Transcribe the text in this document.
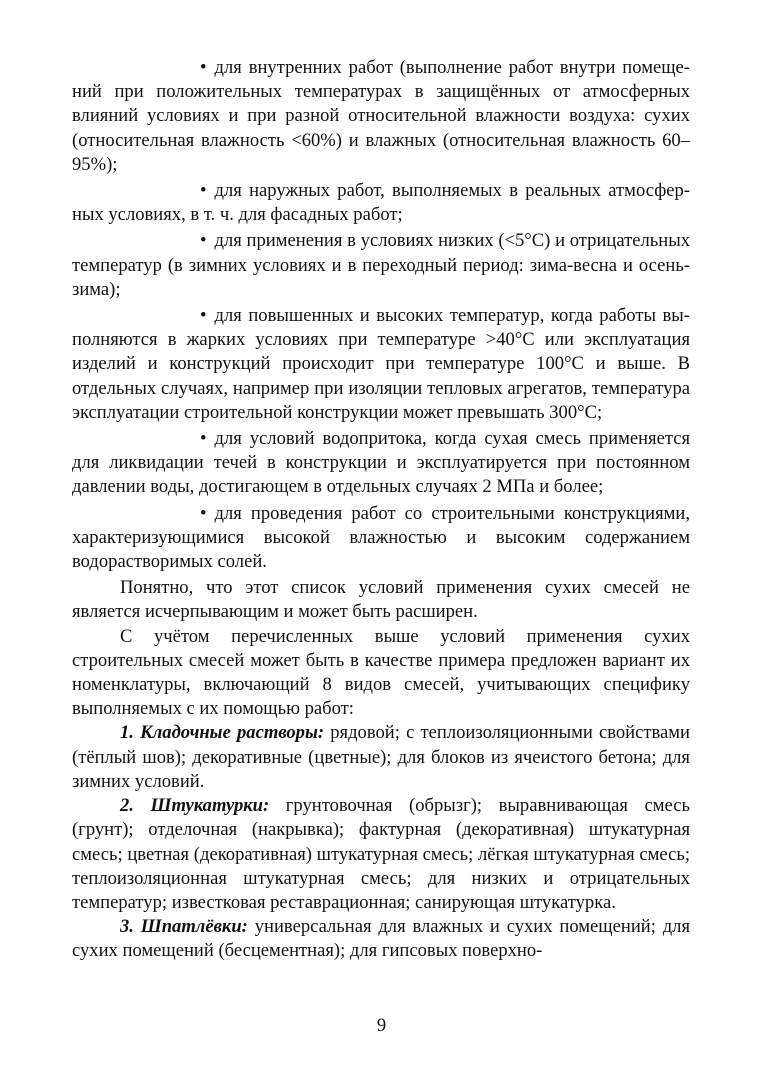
• для внутренних работ (выполнение работ внутри помещений при положительных температурах в защищённых от атмосферных влияний условиях и при разной относительной влажности воздуха: сухих (относительная влажность <60%) и влажных (относительная влажность 60–95%);

• для наружных работ, выполняемых в реальных атмосферных условиях, в т. ч. для фасадных работ;

• для применения в условиях низких (<5°C) и отрицательных температур (в зимних условиях и в переходный период: зима-весна и осень-зима);

• для повышенных и высоких температур, когда работы выполняются в жарких условиях при температуре >40°C или эксплуатация изделий и конструкций происходит при температуре 100°C и выше. В отдельных случаях, например при изоляции тепловых агрегатов, температура эксплуатации строительной конструкции может превышать 300°C;

• для условий водопритока, когда сухая смесь применяется для ликвидации течей в конструкции и эксплуатируется при постоянном давлении воды, достигающем в отдельных случаях 2 МПа и более;

• для проведения работ со строительными конструкциями, характеризующимися высокой влажностью и высоким содержанием водорастворимых солей.

Понятно, что этот список условий применения сухих смесей не является исчерпывающим и может быть расширен.

С учётом перечисленных выше условий применения сухих строительных смесей может быть в качестве примера предложен вариант их номенклатуры, включающий 8 видов смесей, учитывающих специфику выполняемых с их помощью работ:

1. Кладочные растворы: рядовой; с теплоизоляционными свойствами (тёплый шов); декоративные (цветные); для блоков из ячеистого бетона; для зимних условий.

2. Штукатурки: грунтовочная (обрызг); выравнивающая смесь (грунт); отделочная (накрывка); фактурная (декоративная) штукатурная смесь; цветная (декоративная) штукатурная смесь; лёгкая штукатурная смесь; теплоизоляционная штукатурная смесь; для низких и отрицательных температур; известковая реставрационная; санирующая штукатурка.

3. Шпатлёвки: универсальная для влажных и сухих помещений; для сухих помещений (бесцементная); для гипсовых поверхно-

9
